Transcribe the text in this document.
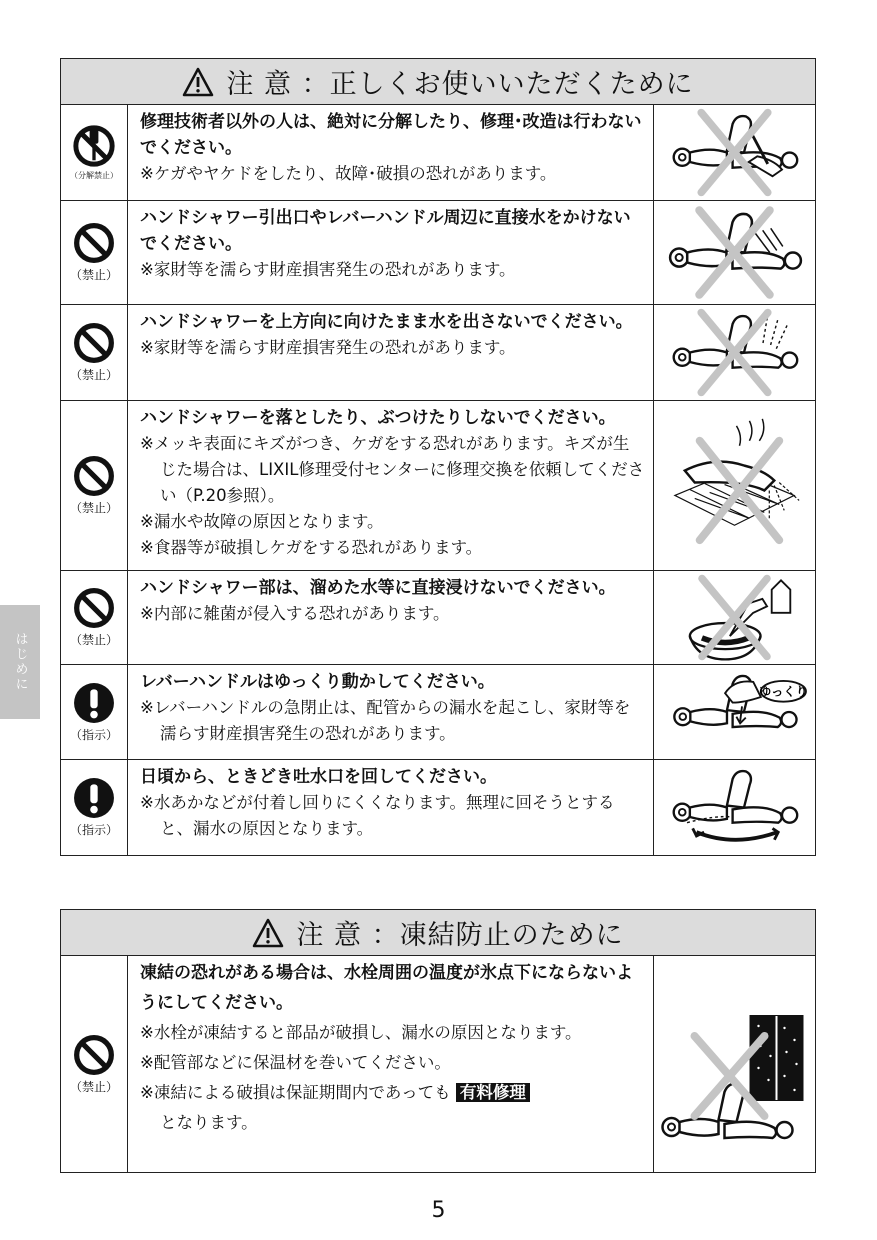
注 意 ：正しくお使いいただくために
（分解禁止）
修理技術者以外の人は、絶対に分解したり、修理･改造は行わないでください。
※ケガやヤケドをしたり、故障･破損の恐れがあります。
（禁止）
ハンドシャワー引出口やレバーハンドル周辺に直接水をかけないでください。
※家財等を濡らす財産損害発生の恐れがあります。
（禁止）
ハンドシャワーを上方向に向けたまま水を出さないでください。
※家財等を濡らす財産損害発生の恐れがあります。
（禁止）
ハンドシャワーを落としたり、ぶつけたりしないでください。
※メッキ表面にキズがつき、ケガをする恐れがあります。キズが生じた場合は、LIXIL修理受付センターに修理交換を依頼してください（P.20参照）。
※漏水や故障の原因となります。
※食器等が破損しケガをする恐れがあります。
（禁止）
ハンドシャワー部は、溜めた水等に直接浸けないでください。
※内部に雑菌が侵入する恐れがあります。
（指示）
レバーハンドルはゆっくり動かしてください。
※レバーハンドルの急閉止は、配管からの漏水を起こし、家財等を濡らす財産損害発生の恐れがあります。
ゆっくり
（指示）
日頃から、ときどき吐水口を回してください。
※水あかなどが付着し回りにくくなります。無理に回そうとすると、漏水の原因となります。
注 意 ：凍結防止のために
（禁止）
凍結の恐れがある場合は、水栓周囲の温度が氷点下にならないようにしてください。
※水栓が凍結すると部品が破損し、漏水の原因となります。
※配管部などに保温材を巻いてください。
※凍結による破損は保証期間内であっても 有料修理
となります。
はじめに
5
